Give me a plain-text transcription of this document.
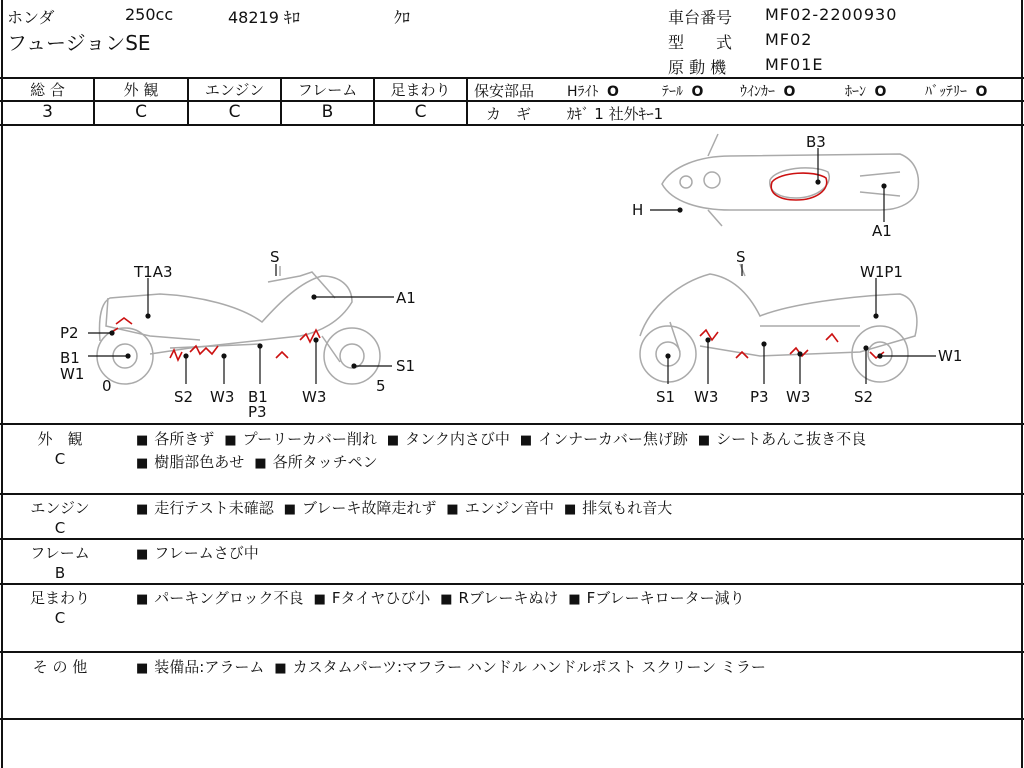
ホンダ	250cc	48219 ｷﾛ	ｸﾛ
フュージョンSE
車台番号 MF02-2200930
型　　式 MF02
原 動 機 MF01E
総 合
3
外 観
C
エンジン
C
フレーム
B
足まわり
C
保安部品 Hﾗｲﾄ O	ﾃｰﾙ O	ｳｲﾝｶｰ O	ﾎｰﾝ O	ﾊﾞｯﾃﾘｰ O
カ　ギ ｶｷﾞ 1 社外ｷｰ1
B3
H
A1
S
T1A3
A1
P2
B1
W1
0
S1
5
S2 W3 B1
P3
W3
S
W1P1
W1
S1 W3 P3 W3	S2
外　観
C
■ 各所きず ■ プーリーカバー削れ ■ タンク内さび中 ■ インナーカバー焦げ跡 ■ シートあんこ抜き不良
■ 樹脂部色あせ ■ 各所タッチペン
エンジン
C
■ 走行テスト未確認 ■ ブレーキ故障走れず ■ エンジン音中 ■ 排気もれ音大
フレーム
B
■ フレームさび中
足まわり
C
■ パーキングロック不良 ■ Fタイヤひび小 ■ Rブレーキぬけ ■ Fブレーキローター減り
そ の 他	■ 装備品:アラーム ■ カスタムパーツ:マフラー ハンドル ハンドルポスト スクリーン ミラー
